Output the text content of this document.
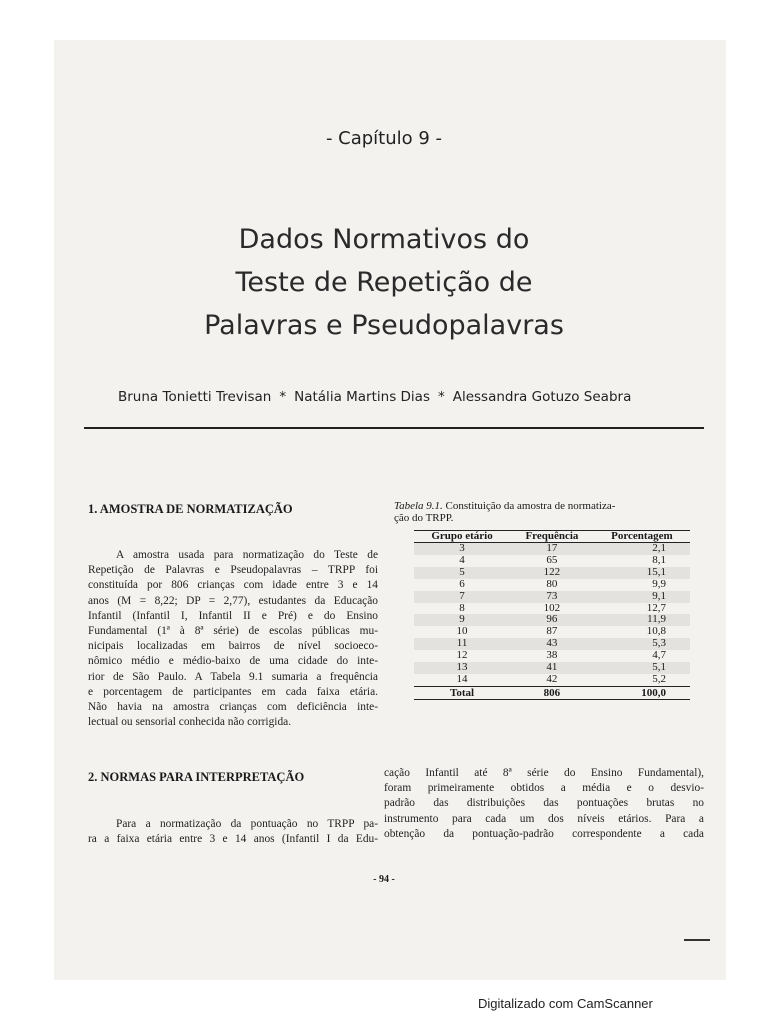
- Capítulo 9 -
Dados Normativos do
Teste de Repetição de
Palavras e Pseudopalavras
Bruna Tonietti Trevisan * Natália Martins Dias * Alessandra Gotuzo Seabra
1. AMOSTRA DE NORMATIZAÇÃO
A amostra usada para normatização do Teste de
Repetição de Palavras e Pseudopalavras – TRPP foi
constituída por 806 crianças com idade entre 3 e 14
anos (M = 8,22; DP = 2,77), estudantes da Educação
Infantil (Infantil I, Infantil II e Pré) e do Ensino
Fundamental (1ª à 8ª série) de escolas públicas mu-
nicipais localizadas em bairros de nível socioeco-
nômico médio e médio-baixo de uma cidade do inte-
rior de São Paulo. A Tabela 9.1 sumaria a frequência
e porcentagem de participantes em cada faixa etária.
Não havia na amostra crianças com deficiência inte-
lectual ou sensorial conhecida não corrigida.
Tabela 9.1. Constituição da amostra de normatiza-
ção do TRPP.
Grupo etário	Frequência	Porcentagem
3	17	2,1
4	65	8,1
5	122	15,1
6	80	9,9
7	73	9,1
8	102	12,7
9	96	11,9
10	87	10,8
11	43	5,3
12	38	4,7
13	41	5,1
14	42	5,2
Total	806	100,0
2. NORMAS PARA INTERPRETAÇÃO
Para a normatização da pontuação no TRPP pa-
ra a faixa etária entre 3 e 14 anos (Infantil I da Edu-
cação Infantil até 8ª série do Ensino Fundamental),
foram primeiramente obtidos a média e o desvio-
padrão das distribuições das pontuações brutas no
instrumento para cada um dos níveis etários. Para a
obtenção da pontuação-padrão correspondente a cada
- 94 -
Digitalizado com CamScanner
